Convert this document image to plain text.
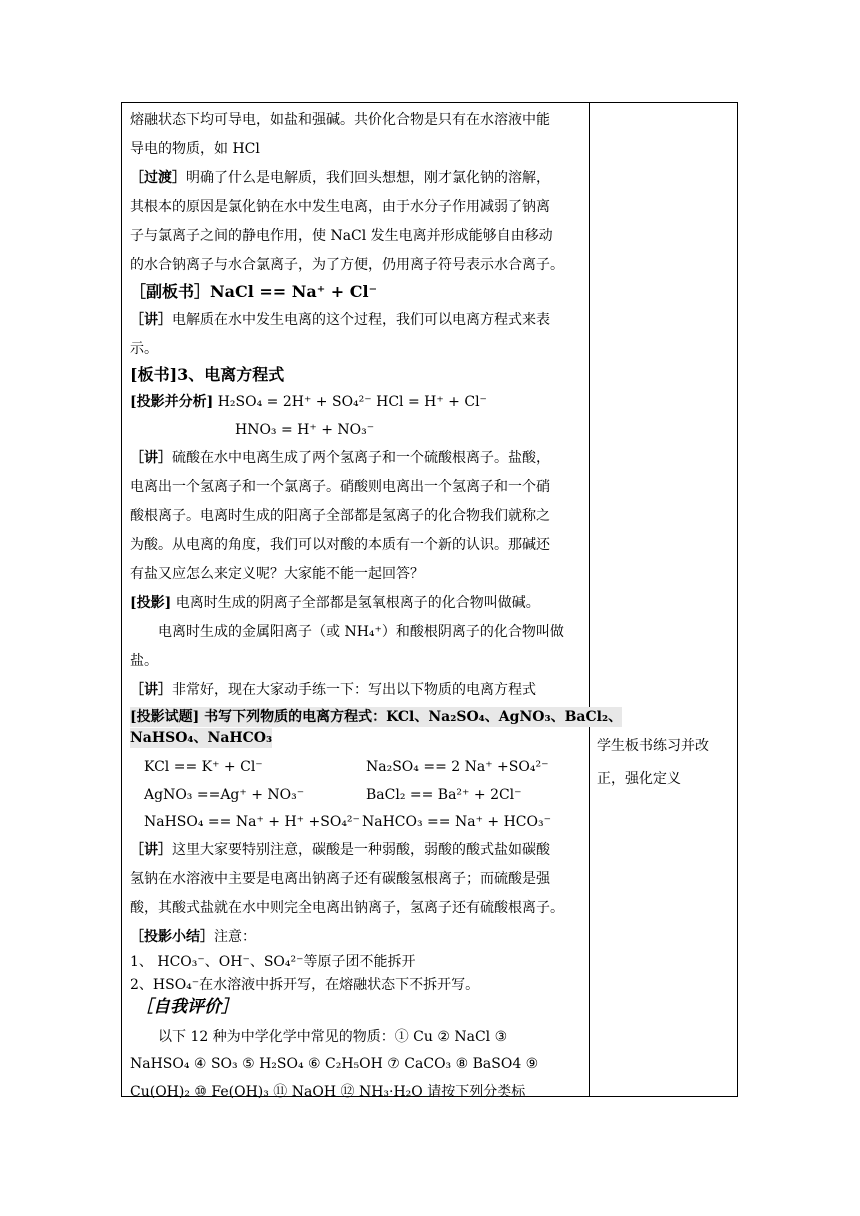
熔融状态下均可导电，如盐和强碱。共价化合物是只有在水溶液中能
导电的物质，如 HCl
［过渡］明确了什么是电解质，我们回头想想，刚才氯化钠的溶解，
其根本的原因是氯化钠在水中发生电离，由于水分子作用减弱了钠离
子与氯离子之间的静电作用，使 NaCl 发生电离并形成能够自由移动
的水合钠离子与水合氯离子，为了方便，仍用离子符号表示水合离子。
［副板书］NaCl == Na⁺ + Cl⁻
［讲］电解质在水中发生电离的这个过程，我们可以电离方程式来表
示。
[板书]3、电离方程式
[投影并分析] H₂SO₄ = 2H⁺ + SO₄²⁻ HCl = H⁺ + Cl⁻
HNO₃ = H⁺ + NO₃⁻
［讲］硫酸在水中电离生成了两个氢离子和一个硫酸根离子。盐酸，
电离出一个氢离子和一个氯离子。硝酸则电离出一个氢离子和一个硝
酸根离子。电离时生成的阳离子全部都是氢离子的化合物我们就称之
为酸。从电离的角度，我们可以对酸的本质有一个新的认识。那碱还
有盐又应怎么来定义呢？大家能不能一起回答？
[投影] 电离时生成的阴离子全部都是氢氧根离子的化合物叫做碱。
电离时生成的金属阳离子（或 NH₄⁺）和酸根阴离子的化合物叫做
盐。
［讲］非常好，现在大家动手练一下：写出以下物质的电离方程式
[投影试题] 书写下列物质的电离方程式：KCl、Na₂SO₄、AgNO₃、BaCl₂、
NaHSO₄、NaHCO₃
KCl == K⁺ + Cl⁻	Na₂SO₄ == 2 Na⁺ +SO₄²⁻
AgNO₃ ==Ag⁺ + NO₃⁻	BaCl₂ == Ba²⁺ + 2Cl⁻
NaHSO₄ == Na⁺ + H⁺ +SO₄²⁻ NaHCO₃ == Na⁺ + HCO₃⁻
［讲］这里大家要特别注意，碳酸是一种弱酸，弱酸的酸式盐如碳酸
氢钠在水溶液中主要是电离出钠离子还有碳酸氢根离子；而硫酸是强
酸，其酸式盐就在水中则完全电离出钠离子，氢离子还有硫酸根离子。
［投影小结］注意：
1、 HCO₃⁻、OH⁻、SO₄²⁻等原子团不能拆开
2、HSO₄⁻在水溶液中拆开写，在熔融状态下不拆开写。
［自我评价］
以下 12 种为中学化学中常见的物质：① Cu ② NaCl ③
NaHSO₄ ④ SO₃ ⑤ H₂SO₄ ⑥ C₂H₅OH ⑦ CaCO₃ ⑧ BaSO4 ⑨
Cu(OH)₂ ⑩ Fe(OH)₃ ⑪ NaOH ⑫ NH₃·H₂O 请按下列分类标
学生板书练习并改
正，强化定义
